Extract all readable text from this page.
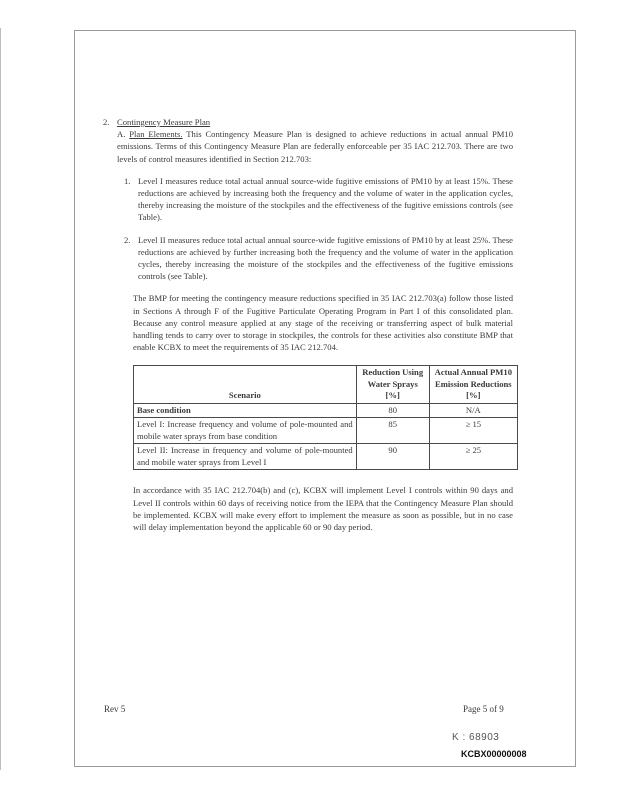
2. Contingency Measure Plan
A. Plan Elements. This Contingency Measure Plan is designed to achieve reductions in actual annual PM10 emissions. Terms of this Contingency Measure Plan are federally enforceable per 35 IAC 212.703. There are two levels of control measures identified in Section 212.703:
1. Level I measures reduce total actual annual source-wide fugitive emissions of PM10 by at least 15%. These reductions are achieved by increasing both the frequency and the volume of water in the application cycles, thereby increasing the moisture of the stockpiles and the effectiveness of the fugitive emissions controls (see Table).
2. Level II measures reduce total actual annual source-wide fugitive emissions of PM10 by at least 25%. These reductions are achieved by further increasing both the frequency and the volume of water in the application cycles, thereby increasing the moisture of the stockpiles and the effectiveness of the fugitive emissions controls (see Table).
The BMP for meeting the contingency measure reductions specified in 35 IAC 212.703(a) follow those listed in Sections A through F of the Fugitive Particulate Operating Program in Part I of this consolidated plan. Because any control measure applied at any stage of the receiving or transferring aspect of bulk material handling tends to carry over to storage in stockpiles, the controls for these activities also constitute BMP that enable KCBX to meet the requirements of 35 IAC 212.704.
Scenario	Reduction Using Water Sprays [%]	Actual Annual PM10 Emission Reductions [%]
Base condition	80	N/A
Level I: Increase frequency and volume of pole-mounted and mobile water sprays from base condition	85	≥ 15
Level II: Increase in frequency and volume of pole-mounted and mobile water sprays from Level I	90	≥ 25
In accordance with 35 IAC 212.704(b) and (c), KCBX will implement Level I controls within 90 days and Level II controls within 60 days of receiving notice from the IEPA that the Contingency Measure Plan should be implemented. KCBX will make every effort to implement the measure as soon as possible, but in no case will delay implementation beyond the applicable 60 or 90 day period.
Rev 5	Page 5 of 9
K : 68903
KCBX00000008
